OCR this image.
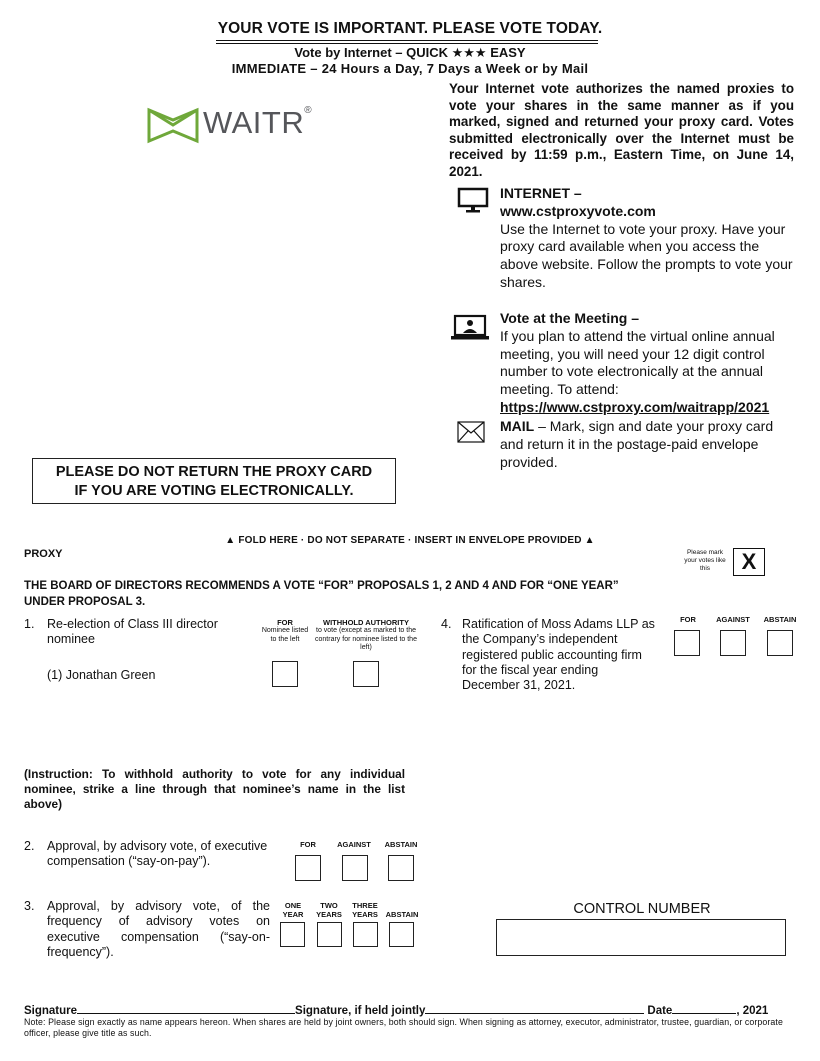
YOUR VOTE IS IMPORTANT. PLEASE VOTE TODAY.
Vote by Internet – QUICK ★★★ EASY
IMMEDIATE – 24 Hours a Day, 7 Days a Week or by Mail
WAITR®
Your Internet vote authorizes the named proxies to vote your shares in the same manner as if you marked, signed and returned your proxy card. Votes submitted electronically over the Internet must be received by 11:59 p.m., Eastern Time, on June 14, 2021.
INTERNET –
www.cstproxyvote.com
Use the Internet to vote your proxy. Have your proxy card available when you access the above website. Follow the prompts to vote your shares.
Vote at the Meeting –
If you plan to attend the virtual online annual meeting, you will need your 12 digit control number to vote electronically at the annual meeting. To attend:
https://www.cstproxy.com/waitrapp/2021
MAIL – Mark, sign and date your proxy card and return it in the postage-paid envelope provided.
PLEASE DO NOT RETURN THE PROXY CARD
IF YOU ARE VOTING ELECTRONICALLY.
▲ FOLD HERE · DO NOT SEPARATE · INSERT IN ENVELOPE PROVIDED ▲
PROXY	Please mark your votes like this	X
THE BOARD OF DIRECTORS RECOMMENDS A VOTE “FOR” PROPOSALS 1, 2 AND 4 AND FOR “ONE YEAR” UNDER PROPOSAL 3.
1. Re-election of Class III director nominee
(1) Jonathan Green
FOR
Nominee listed to the left
WITHHOLD AUTHORITY
to vote (except as marked to the contrary for nominee listed to the left)
4. Ratification of Moss Adams LLP as the Company’s independent registered public accounting firm for the fiscal year ending December 31, 2021.
FOR	AGAINST	ABSTAIN
(Instruction: To withhold authority to vote for any individual nominee, strike a line through that nominee’s name in the list above)
2. Approval, by advisory vote, of executive compensation (“say-on-pay”).
FOR	AGAINST	ABSTAIN
3. Approval, by advisory vote, of the frequency of advisory votes on executive compensation (“say-on-frequency”).
ONE YEAR
TWO YEARS
THREE YEARS	ABSTAIN	CONTROL NUMBER
Signature	Signature, if held jointly	Date	, 2021
Note: Please sign exactly as name appears hereon. When shares are held by joint owners, both should sign. When signing as attorney, executor, administrator, trustee, guardian, or corporate officer, please give title as such.
